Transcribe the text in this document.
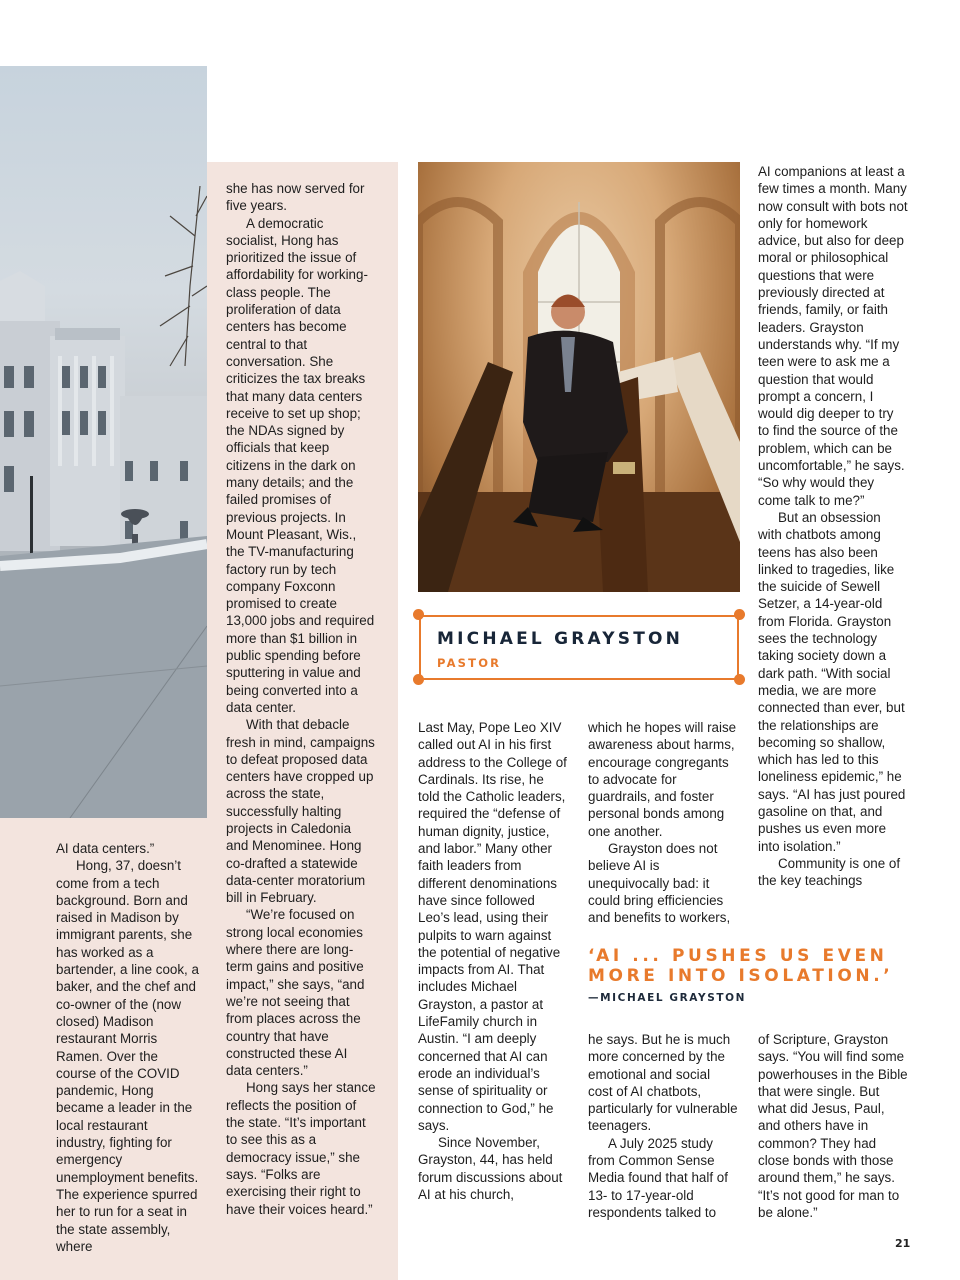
AI data centers.”

Hong, 37, doesn’t come from a tech background. Born and raised in Madison by immigrant parents, she has worked as a bartender, a line cook, a baker, and the chef and co-owner of the (now closed) Madison restaurant Morris Ramen. Over the course of the COVID pandemic, Hong became a leader in the local restaurant industry, fighting for emergency unemployment benefits. The experience spurred her to run for a seat in the state assembly, where

she has now served for five years.

A democratic socialist, Hong has prioritized the issue of affordability for working-class people. The proliferation of data centers has become central to that conversation. She criticizes the tax breaks that many data centers receive to set up shop; the NDAs signed by officials that keep citizens in the dark on many details; and the failed promises of previous projects. In Mount Pleasant, Wis., the TV-manufacturing factory run by tech company Foxconn promised to create 13,000 jobs and required more than $1 billion in public spending before sputtering in value and being converted into a data center.

With that debacle fresh in mind, campaigns to defeat proposed data centers have cropped up across the state, successfully halting projects in Caledonia and Menominee. Hong co-drafted a statewide data-center moratorium bill in February.

“We’re focused on strong local economies where there are long-term gains and positive impact,” she says, “and we’re not seeing that from places across the country that have constructed these AI data centers.”

Hong says her stance reflects the position of the state. “It’s important to see this as a democracy issue,” she says. “Folks are exercising their right to have their voices heard.”

MICHAEL GRAYSTON
PASTOR

Last May, Pope Leo XIV called out AI in his first address to the College of Cardinals. Its rise, he told the Catholic leaders, required the “defense of human dignity, justice, and labor.” Many other faith leaders from different denominations have since followed Leo’s lead, using their pulpits to warn against the potential of negative impacts from AI. That includes Michael Grayston, a pastor at LifeFamily church in Austin. “I am deeply concerned that AI can erode an individual’s sense of spirituality or connection to God,” he says.

Since November, Grayston, 44, has held forum discussions about AI at his church,

which he hopes will raise awareness about harms, encourage congregants to advocate for guardrails, and foster personal bonds among one another.

Grayston does not believe AI is unequivocally bad: it could bring efficiencies and benefits to workers,

‘AI ... PUSHES US EVEN MORE INTO ISOLATION.’
—MICHAEL GRAYSTON

he says. But he is much more concerned by the emotional and social cost of AI chatbots, particularly for vulnerable teenagers.

A July 2025 study from Common Sense Media found that half of 13- to 17-year-old respondents talked to

AI companions at least a few times a month. Many now consult with bots not only for homework advice, but also for deep moral or philosophical questions that were previously directed at friends, family, or faith leaders. Grayston understands why. “If my teen were to ask me a question that would prompt a concern, I would dig deeper to try to find the source of the problem, which can be uncomfortable,” he says. “So why would they come talk to me?”

But an obsession with chatbots among teens has also been linked to tragedies, like the suicide of Sewell Setzer, a 14-year-old from Florida. Grayston sees the technology taking society down a dark path. “With social media, we are more connected than ever, but the relationships are becoming so shallow, which has led to this loneliness epidemic,” he says. “AI has just poured gasoline on that, and pushes us even more into isolation.”

Community is one of the key teachings

of Scripture, Grayston says. “You will find some powerhouses in the Bible that were single. But what did Jesus, Paul, and others have in common? They had close bonds with those around them,” he says. “It’s not good for man to be alone.”

21
